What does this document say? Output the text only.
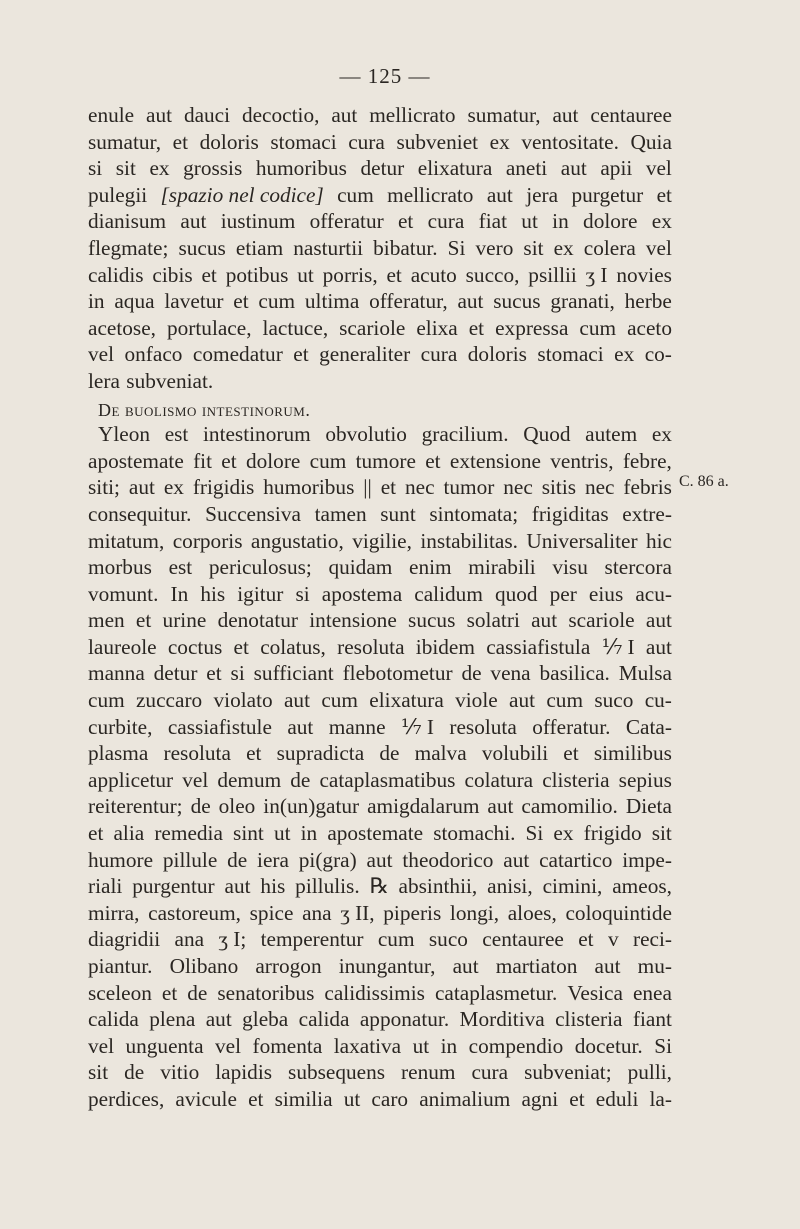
— 125 —
enule aut dauci decoctio, aut mellicrato sumatur, aut centauree
sumatur, et doloris stomaci cura subveniet ex ventositate. Quia
si sit ex grossis humoribus detur elixatura aneti aut apii vel
pulegii [spazio nel codice] cum mellicrato aut jera purgetur et
dianisum aut iustinum offeratur et cura fiat ut in dolore ex
flegmate; sucus etiam nasturtii bibatur. Si vero sit ex colera vel
calidis cibis et potibus ut porris, et acuto succo, psillii ʒ I novies
in aqua lavetur et cum ultima offeratur, aut sucus granati, herbe
acetose, portulace, lactuce, scariole elixa et expressa cum aceto
vel onfaco comedatur et generaliter cura doloris stomaci ex co-
lera subveniat.
De buolismo intestinorum.
Yleon est intestinorum obvolutio gracilium. Quod autem ex
apostemate fit et dolore cum tumore et extensione ventris, febre,
siti; aut ex frigidis humoribus || et nec tumor nec sitis nec febris
consequitur. Succensiva tamen sunt sintomata; frigiditas extre-
mitatum, corporis angustatio, vigilie, instabilitas. Universaliter hic
morbus est periculosus; quidam enim mirabili visu stercora
vomunt. In his igitur si apostema calidum quod per eius acu-
men et urine denotatur intensione sucus solatri aut scariole aut
laureole coctus et colatus, resoluta ibidem cassiafistula ⅐ I aut
manna detur et si sufficiant flebotometur de vena basilica. Mulsa
cum zuccaro violato aut cum elixatura viole aut cum suco cu-
curbite, cassiafistule aut manne ⅐ I resoluta offeratur. Cata-
plasma resoluta et supradicta de malva volubili et similibus
applicetur vel demum de cataplasmatibus colatura clisteria sepius
reiterentur; de oleo in(un)gatur amigdalarum aut camomilio. Dieta
et alia remedia sint ut in apostemate stomachi. Si ex frigido sit
humore pillule de iera pi(gra) aut theodorico aut catartico impe-
riali purgentur aut his pillulis. ℞ absinthii, anisi, cimini, ameos,
mirra, castoreum, spice ana ʒ II, piperis longi, aloes, coloquintide
diagridii ana ʒ I; temperentur cum suco centauree et v reci-
piantur. Olibano arrogon inungantur, aut martiaton aut mu-
sceleon et de senatoribus calidissimis cataplasmetur. Vesica enea
calida plena aut gleba calida apponatur. Morditiva clisteria fiant
vel unguenta vel fomenta laxativa ut in compendio docetur. Si
sit de vitio lapidis subsequens renum cura subveniat; pulli,
perdices, avicule et similia ut caro animalium agni et eduli la-
C. 86 a.
